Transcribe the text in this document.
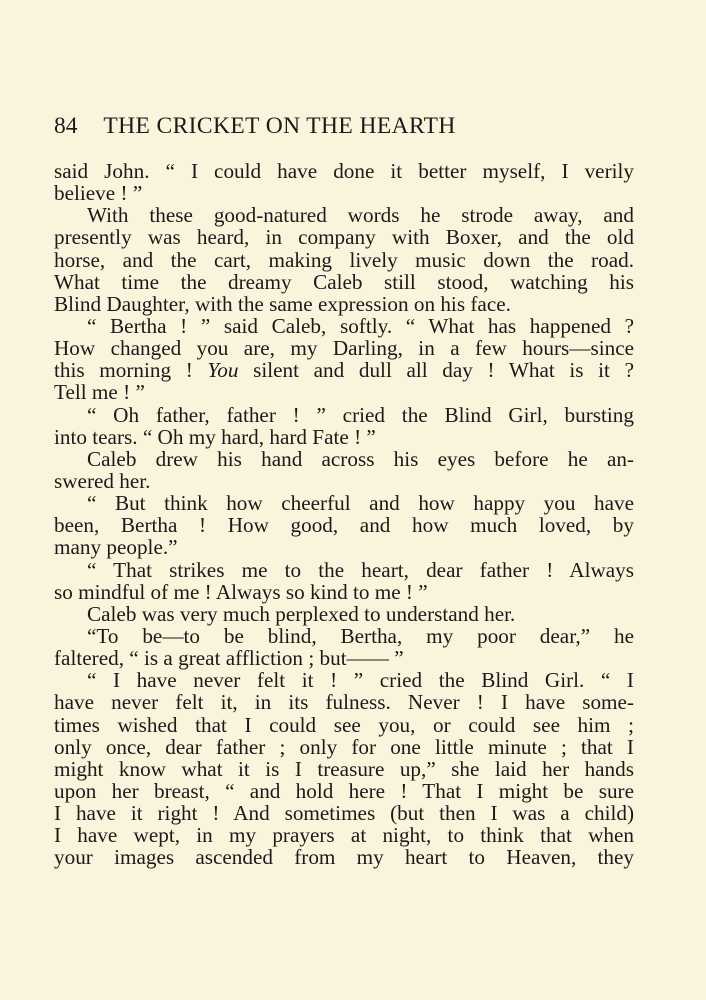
84 THE CRICKET ON THE HEARTH
said John. “ I could have done it better myself, I verily
believe ! ”
With these good-natured words he strode away, and
presently was heard, in company with Boxer, and the old
horse, and the cart, making lively music down the road.
What time the dreamy Caleb still stood, watching his
Blind Daughter, with the same expression on his face.
“ Bertha ! ” said Caleb, softly. “ What has happened ?
How changed you are, my Darling, in a few hours—since
this morning ! You silent and dull all day ! What is it ?
Tell me ! ”
“ Oh father, father ! ” cried the Blind Girl, bursting
into tears. “ Oh my hard, hard Fate ! ”
Caleb drew his hand across his eyes before he an-
swered her.
“ But think how cheerful and how happy you have
been, Bertha ! How good, and how much loved, by
many people.”
“ That strikes me to the heart, dear father ! Always
so mindful of me ! Always so kind to me ! ”
Caleb was very much perplexed to understand her.
“To be—to be blind, Bertha, my poor dear,” he
faltered, “ is a great affliction ; but—— ”
“ I have never felt it ! ” cried the Blind Girl. “ I
have never felt it, in its fulness. Never ! I have some-
times wished that I could see you, or could see him ;
only once, dear father ; only for one little minute ; that I
might know what it is I treasure up,” she laid her hands
upon her breast, “ and hold here ! That I might be sure
I have it right ! And sometimes (but then I was a child)
I have wept, in my prayers at night, to think that when
your images ascended from my heart to Heaven, they
